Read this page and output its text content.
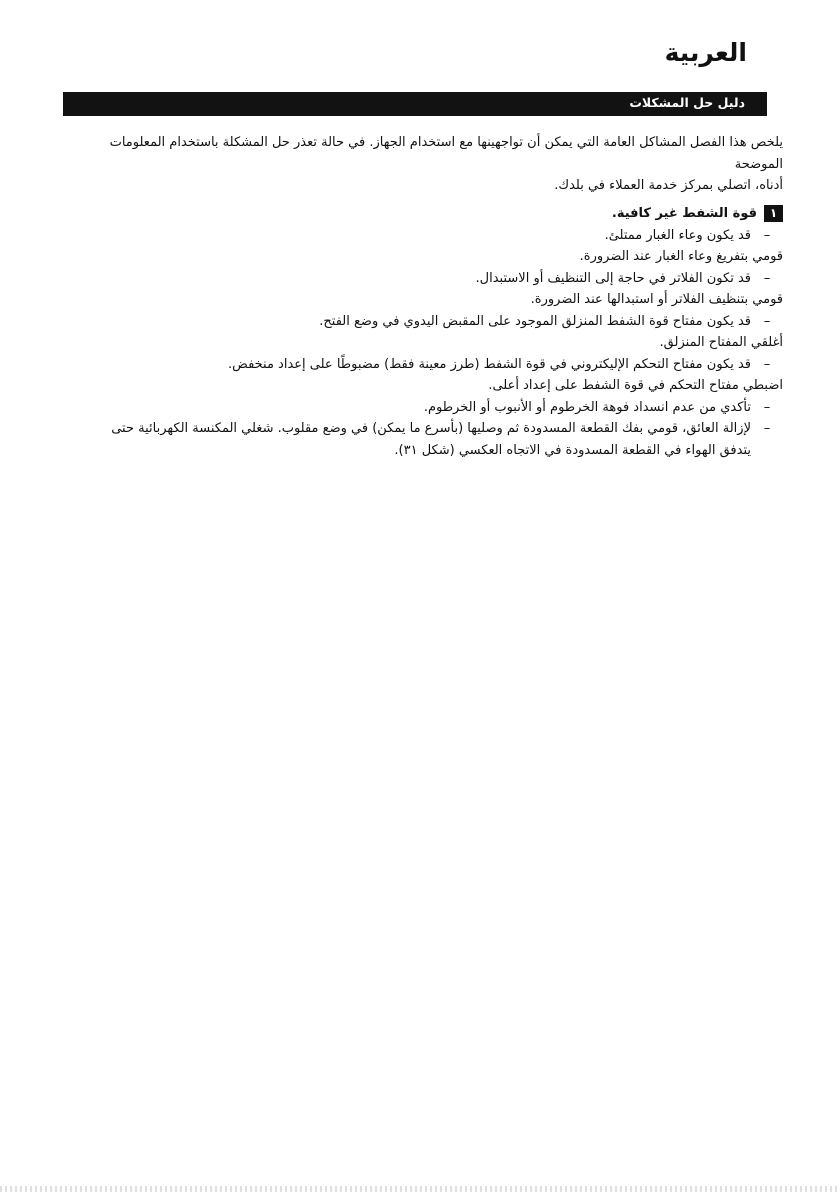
العربية
دليل حل المشكلات

يلخص هذا الفصل المشاكل العامة التي يمكن أن تواجهينها مع استخدام الجهاز. في حالة تعذر حل المشكلة باستخدام المعلومات الموضحة

أدناه، اتصلي بمركز خدمة العملاء في بلدك.

١
قوة الشفط غير كافية.
–
قد يكون وعاء الغبار ممتلئ.

قومي بتفريغ وعاء الغبار عند الضرورة.

–
قد تكون الفلاتر في حاجة إلى التنظيف أو الاستبدال.

قومي بتنظيف الفلاتر أو استبدالها عند الضرورة.

–
قد يكون مفتاح قوة الشفط المنزلق الموجود على المقبض اليدوي في وضع الفتح.

أغلقي المفتاح المنزلق.

–
قد يكون مفتاح التحكم الإليكتروني في قوة الشفط (طرز معينة فقط) مضبوطًا على إعداد منخفض.

اضبطي مفتاح التحكم في قوة الشفط على إعداد أعلى.

–
تأكدي من عدم انسداد فوهة الخرطوم أو الأنبوب أو الخرطوم.
–
لإزالة العائق، قومي بفك القطعة المسدودة ثم وصليها (بأسرع ما يمكن) في وضع مقلوب. شغلي المكنسة الكهربائية حتى يتدفق الهواء في القطعة المسدودة في الاتجاه العكسي (شكل ٣١).
